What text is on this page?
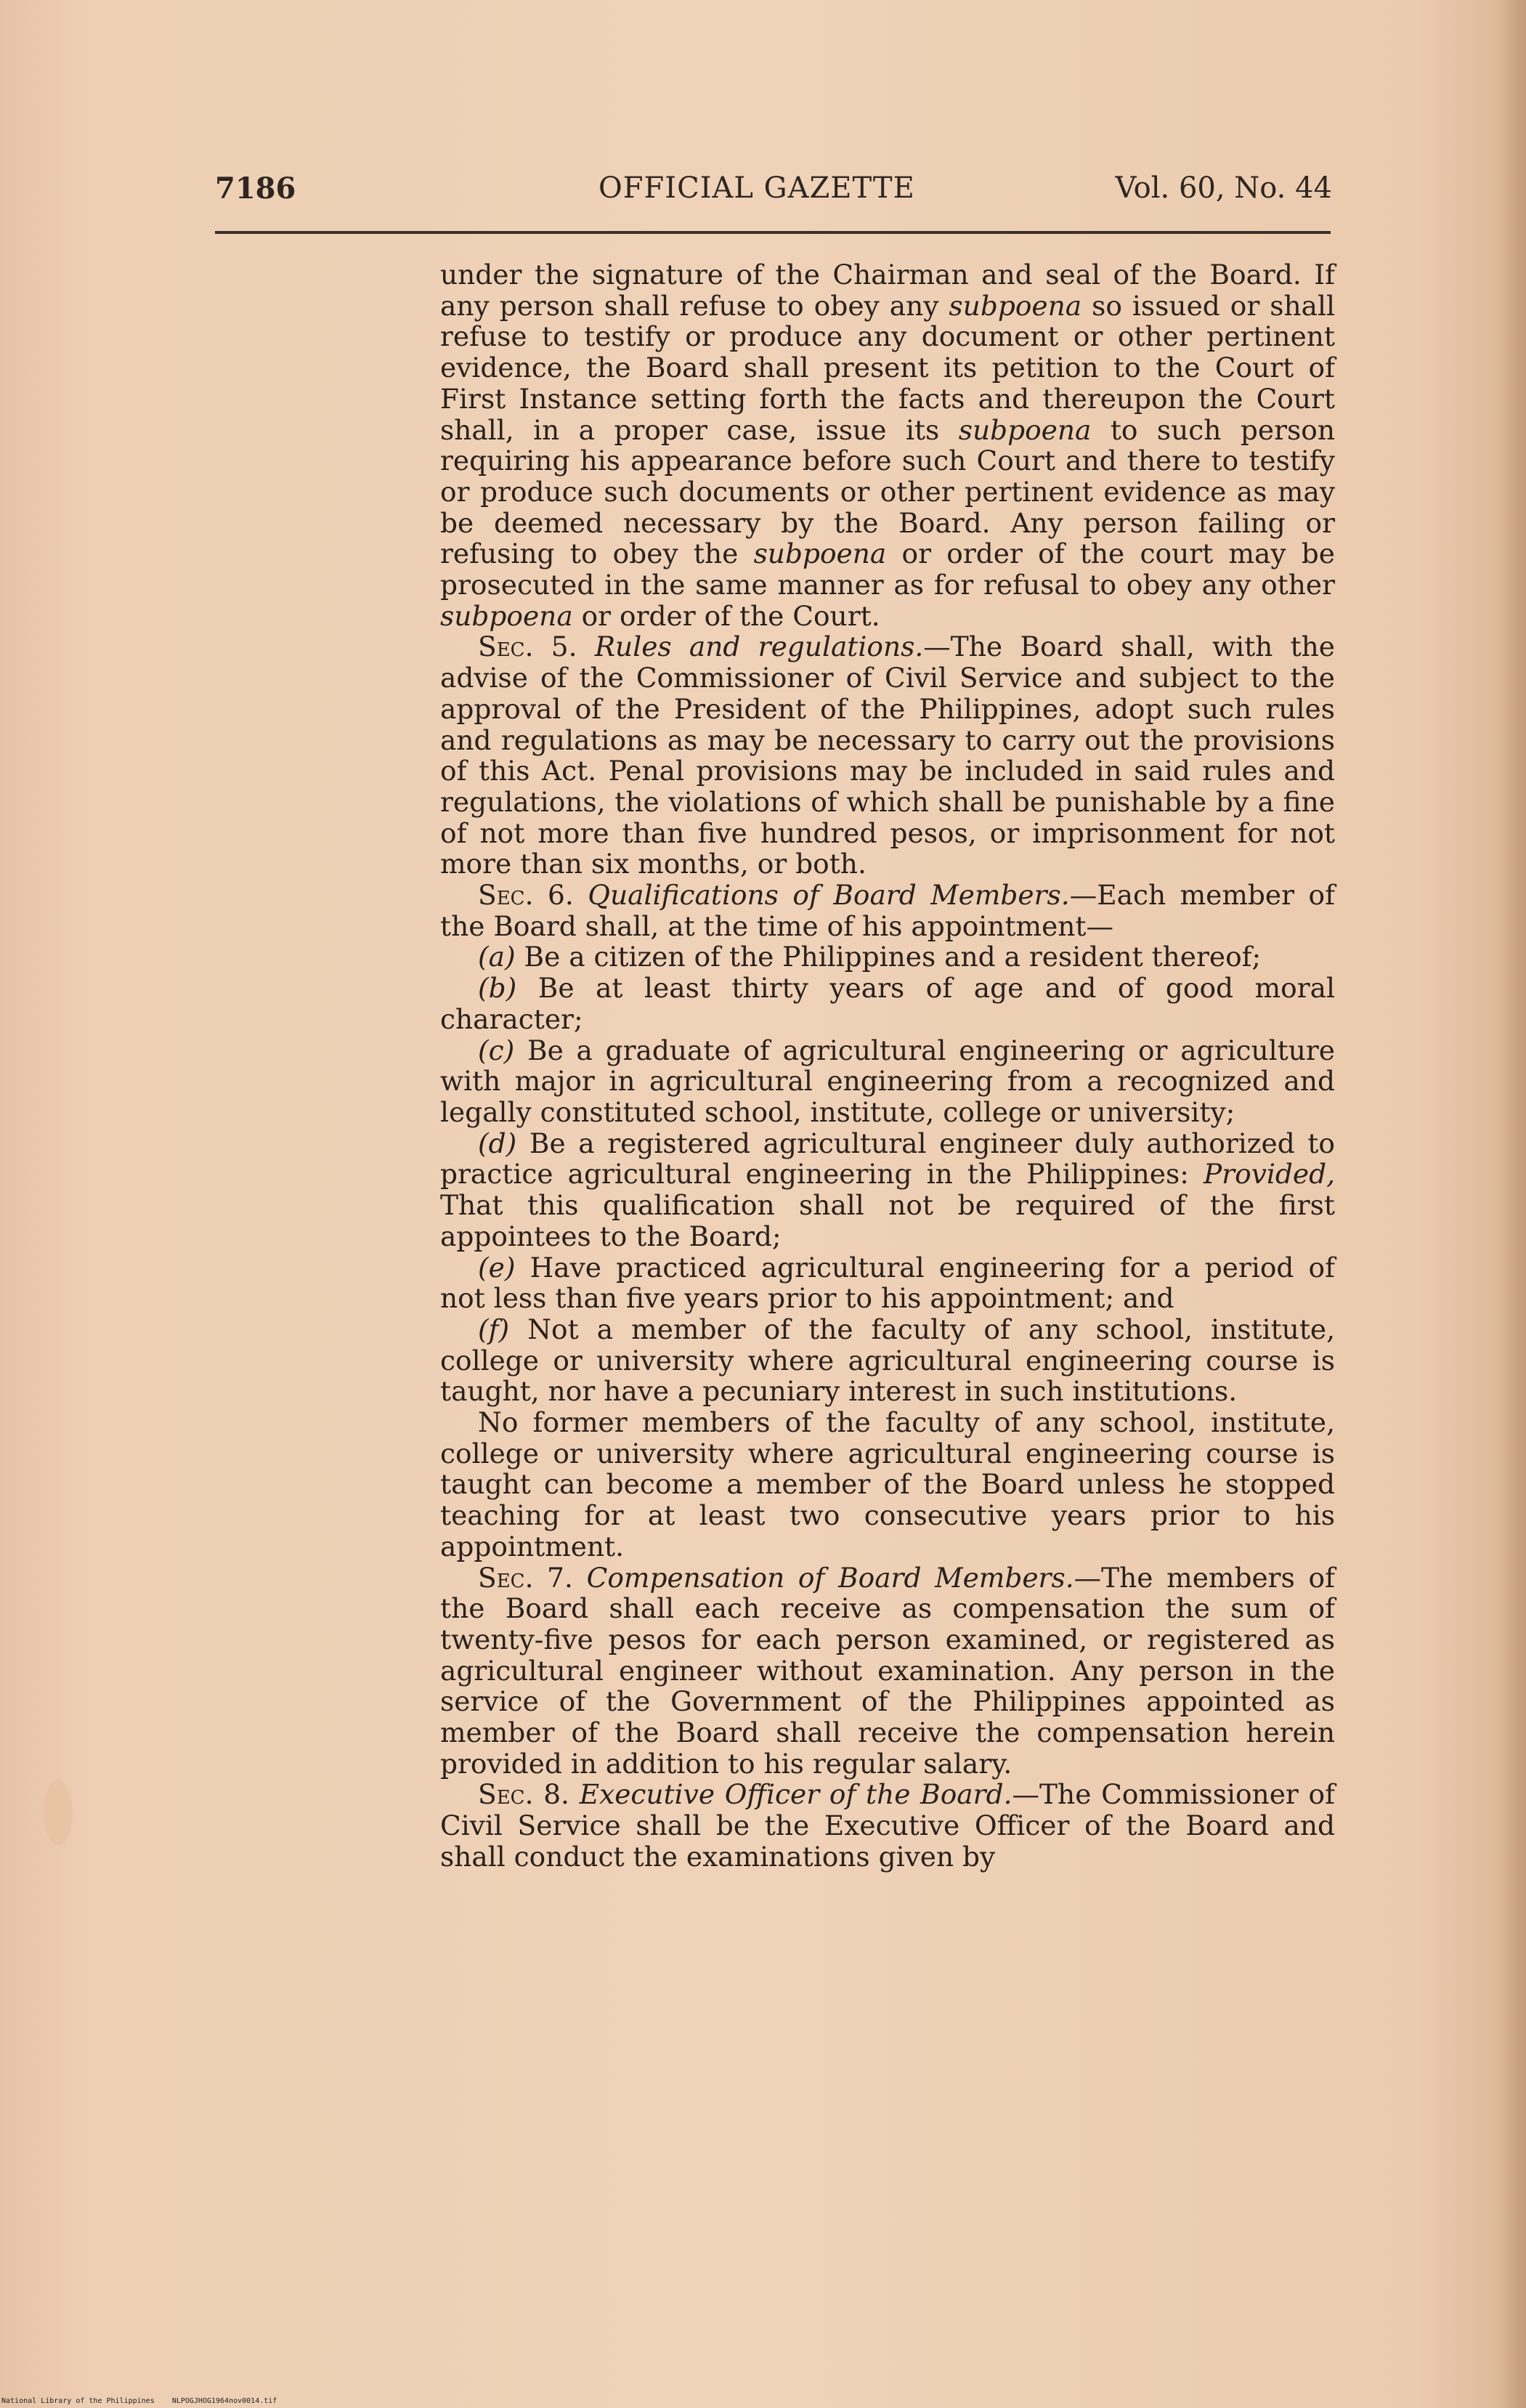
7186	OFFICIAL GAZETTE	Vol. 60, No. 44

under the signature of the Chairman and seal of the Board. If any person shall refuse to obey any subpoena so issued or shall refuse to testify or produce any document or other pertinent evidence, the Board shall present its petition to the Court of First Instance setting forth the facts and thereupon the Court shall, in a proper case, issue its subpoena to such person requiring his appearance before such Court and there to testify or produce such documents or other pertinent evidence as may be deemed necessary by the Board. Any person failing or refusing to obey the subpoena or order of the court may be prosecuted in the same manner as for refusal to obey any other subpoena or order of the Court.

Sec. 5. Rules and regulations.—The Board shall, with the advise of the Commissioner of Civil Service and subject to the approval of the President of the Philippines, adopt such rules and regulations as may be necessary to carry out the provisions of this Act. Penal provisions may be included in said rules and regulations, the violations of which shall be punishable by a fine of not more than five hundred pesos, or imprisonment for not more than six months, or both.

Sec. 6. Qualifications of Board Members.—Each member of the Board shall, at the time of his appointment—

(a) Be a citizen of the Philippines and a resident thereof;

(b) Be at least thirty years of age and of good moral character;

(c) Be a graduate of agricultural engineering or agriculture with major in agricultural engineering from a recognized and legally constituted school, institute, college or university;

(d) Be a registered agricultural engineer duly authorized to practice agricultural engineering in the Philippines: Provided, That this qualification shall not be required of the first appointees to the Board;

(e) Have practiced agricultural engineering for a period of not less than five years prior to his appointment; and

(f) Not a member of the faculty of any school, institute, college or university where agricultural engineering course is taught, nor have a pecuniary interest in such institutions.

No former members of the faculty of any school, institute, college or university where agricultural engineering course is taught can become a member of the Board unless he stopped teaching for at least two consecutive years prior to his appointment.

Sec. 7. Compensation of Board Members.—The members of the Board shall each receive as compensation the sum of twenty-five pesos for each person examined, or registered as agricultural engineer without examination. Any person in the service of the Government of the Philippines appointed as member of the Board shall receive the compensation herein provided in addition to his regular salary.

Sec. 8. Executive Officer of the Board.—The Commissioner of Civil Service shall be the Executive Officer of the Board and shall conduct the examinations given by

National Library of the Philippines NLPOGJHOG1964nov0014.tif
